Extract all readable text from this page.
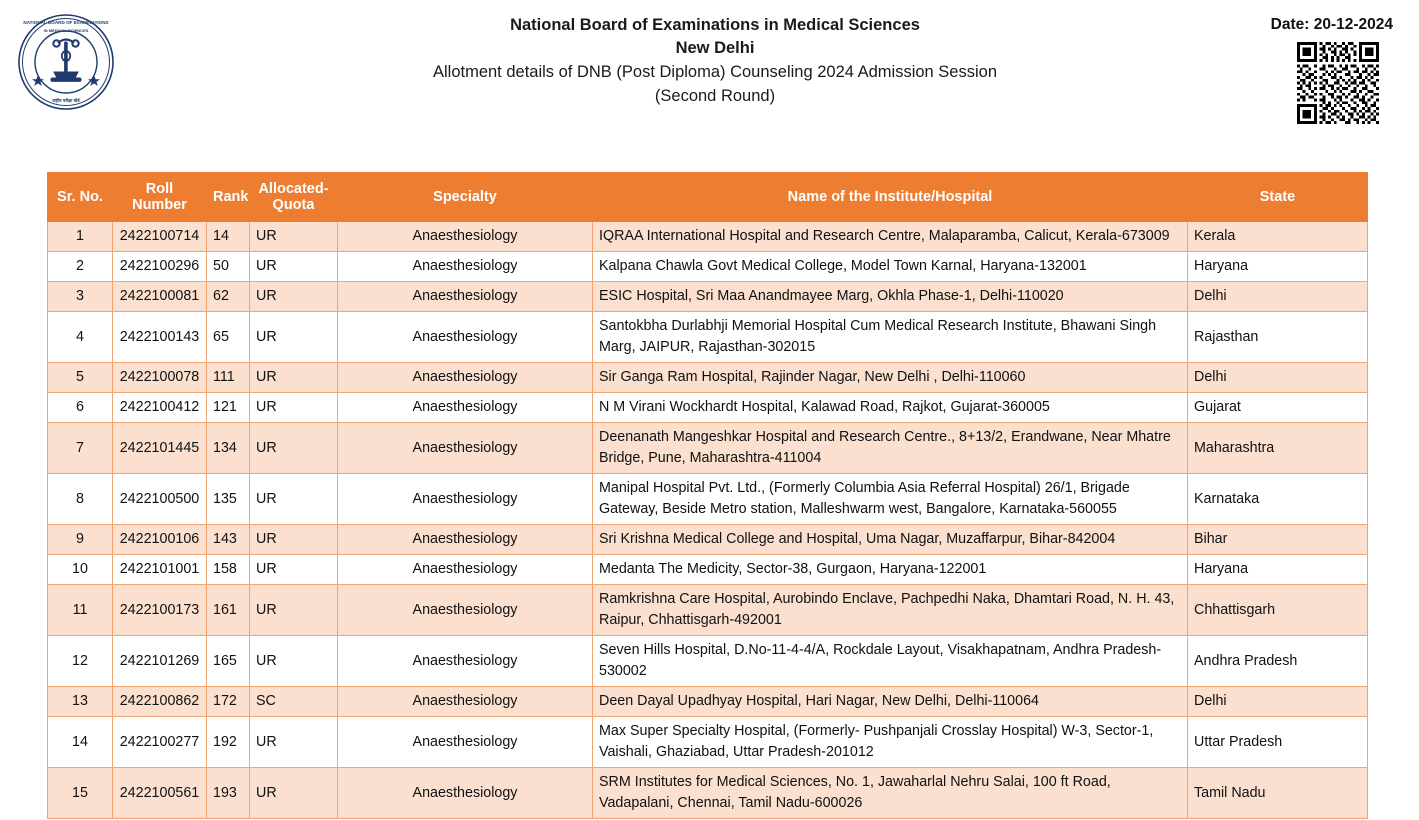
NATIONAL BOARD OF EXAMINATIONS
IN MEDICAL SCIENCES
राष्ट्रीय परीक्षा बोर्ड
National Board of Examinations in Medical Sciences
New Delhi
Allotment details of DNB (Post Diploma) Counseling 2024 Admission Session
(Second Round)
Date: 20-12-2024
Sr. No.	Roll Number	Rank	Allocated-Quota	Specialty	Name of the Institute/Hospital	State
1	2422100714	14	UR	Anaesthesiology	IQRAA International Hospital and Research Centre, Malaparamba, Calicut, Kerala-673009	Kerala
2	2422100296	50	UR	Anaesthesiology	Kalpana Chawla Govt Medical College, Model Town Karnal, Haryana-132001	Haryana
3	2422100081	62	UR	Anaesthesiology	ESIC Hospital, Sri Maa Anandmayee Marg, Okhla Phase-1, Delhi-110020	Delhi
4	2422100143	65	UR	Anaesthesiology	Santokbha Durlabhji Memorial Hospital Cum Medical Research Institute, Bhawani Singh Marg, JAIPUR, Rajasthan-302015	Rajasthan
5	2422100078	111	UR	Anaesthesiology	Sir Ganga Ram Hospital, Rajinder Nagar, New Delhi , Delhi-110060	Delhi
6	2422100412	121	UR	Anaesthesiology	N M Virani Wockhardt Hospital, Kalawad Road, Rajkot, Gujarat-360005	Gujarat
7	2422101445	134	UR	Anaesthesiology	Deenanath Mangeshkar Hospital and Research Centre., 8+13/2, Erandwane, Near Mhatre Bridge, Pune, Maharashtra-411004	Maharashtra
8	2422100500	135	UR	Anaesthesiology	Manipal Hospital Pvt. Ltd., (Formerly Columbia Asia Referral Hospital) 26/1, Brigade Gateway, Beside Metro station, Malleshwarm west, Bangalore, Karnataka-560055	Karnataka
9	2422100106	143	UR	Anaesthesiology	Sri Krishna Medical College and Hospital, Uma Nagar, Muzaffarpur, Bihar-842004	Bihar
10	2422101001	158	UR	Anaesthesiology	Medanta The Medicity, Sector-38, Gurgaon, Haryana-122001	Haryana
11	2422100173	161	UR	Anaesthesiology	Ramkrishna Care Hospital, Aurobindo Enclave, Pachpedhi Naka, Dhamtari Road, N. H. 43, Raipur, Chhattisgarh-492001	Chhattisgarh
12	2422101269	165	UR	Anaesthesiology	Seven Hills Hospital, D.No-11-4-4/A, Rockdale Layout, Visakhapatnam, Andhra Pradesh-530002	Andhra Pradesh
13	2422100862	172	SC	Anaesthesiology	Deen Dayal Upadhyay Hospital, Hari Nagar, New Delhi, Delhi-110064	Delhi
14	2422100277	192	UR	Anaesthesiology	Max Super Specialty Hospital, (Formerly- Pushpanjali Crosslay Hospital) W-3, Sector-1, Vaishali, Ghaziabad, Uttar Pradesh-201012	Uttar Pradesh
15	2422100561	193	UR	Anaesthesiology	SRM Institutes for Medical Sciences, No. 1, Jawaharlal Nehru Salai, 100 ft Road, Vadapalani, Chennai, Tamil Nadu-600026	Tamil Nadu
